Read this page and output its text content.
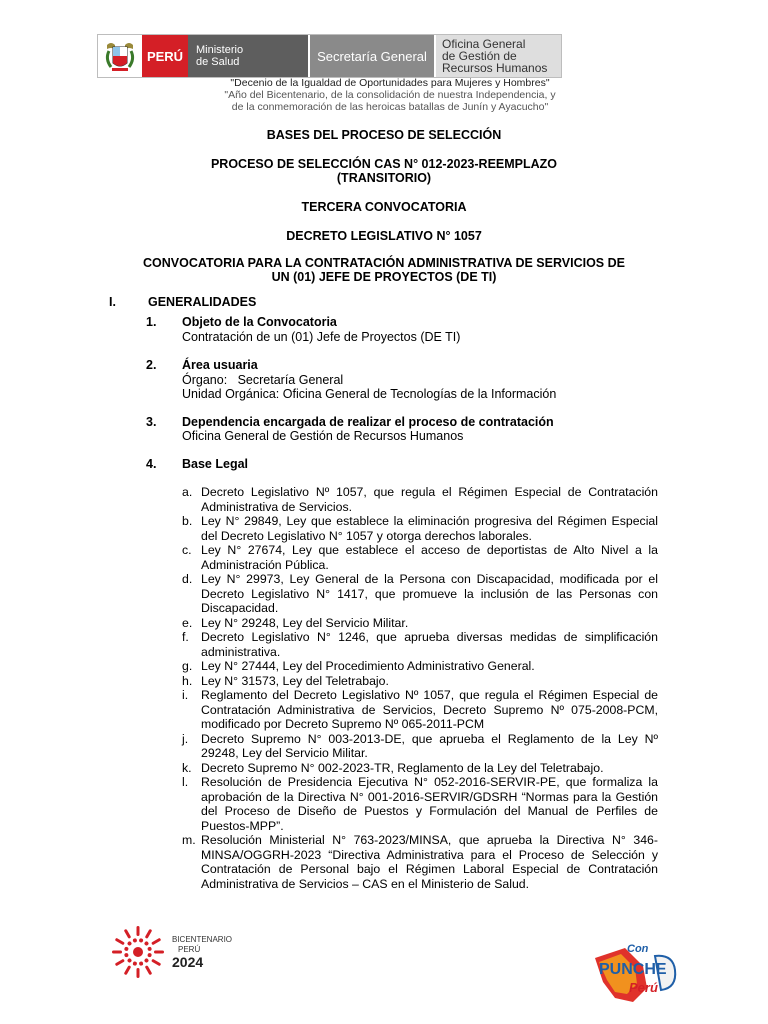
PERÚ	Ministerio
de Salud	Secretaría General
Oficina General
de Gestión de
Recursos Humanos
"Decenio de la Igualdad de Oportunidades para Mujeres y Hombres"
"Año del Bicentenario, de la consolidación de nuestra Independencia, y
de la conmemoración de las heroicas batallas de Junín y Ayacucho"
BASES DEL PROCESO DE SELECCIÓN
PROCESO DE SELECCIÓN CAS N° 012-2023-REEMPLAZO
(TRANSITORIO)
TERCERA CONVOCATORIA
DECRETO LEGISLATIVO N° 1057
CONVOCATORIA PARA LA CONTRATACIÓN ADMINISTRATIVA DE SERVICIOS DE
UN (01) JEFE DE PROYECTOS (DE TI)
I.	GENERALIDADES
1. Objeto de la Convocatoria
Contratación de un (01) Jefe de Proyectos (DE TI)
2. Área usuaria
Órgano:   Secretaría General
Unidad Orgánica: Oficina General de Tecnologías de la Información
3. Dependencia encargada de realizar el proceso de contratación
Oficina General de Gestión de Recursos Humanos
4. Base Legal
a. Decreto Legislativo Nº 1057, que regula el Régimen Especial de Contratación Administrativa de Servicios.
b. Ley N° 29849, Ley que establece la eliminación progresiva del Régimen Especial del Decreto Legislativo N° 1057 y otorga derechos laborales.
c. Ley N° 27674, Ley que establece el acceso de deportistas de Alto Nivel a la Administración Pública.
d. Ley N° 29973, Ley General de la Persona con Discapacidad, modificada por el Decreto Legislativo N° 1417, que promueve la inclusión de las Personas con Discapacidad.
e. Ley N° 29248, Ley del Servicio Militar.
f. Decreto Legislativo N° 1246, que aprueba diversas medidas de simplificación administrativa.
g. Ley N° 27444, Ley del Procedimiento Administrativo General.
h. Ley N° 31573, Ley del Teletrabajo.
i.	Reglamento del Decreto Legislativo Nº 1057, que regula el Régimen Especial de Contratación Administrativa de Servicios, Decreto Supremo Nº 075-2008-PCM, modificado por Decreto Supremo Nº 065-2011-PCM
j.	Decreto Supremo N° 003-2013-DE, que aprueba el Reglamento de la Ley Nº 29248, Ley del Servicio Militar.
k. Decreto Supremo N° 002-2023-TR, Reglamento de la Ley del Teletrabajo.
l.	Resolución de Presidencia Ejecutiva N° 052-2016-SERVIR-PE, que formaliza la aprobación de la Directiva N° 001-2016-SERVIR/GDSRH “Normas para la Gestión del Proceso de Diseño de Puestos y Formulación del Manual de Perfiles de Puestos-MPP”.
m. Resolución Ministerial N° 763-2023/MINSA, que aprueba la Directiva N° 346-MINSA/OGGRH-2023 “Directiva Administrativa para el Proceso de Selección y Contratación de Personal bajo el Régimen Laboral Especial de Contratación Administrativa de Servicios – CAS en el Ministerio de Salud.
BICENTENARIO
PERÚ
2024
Con
PUNCHE
Perú
